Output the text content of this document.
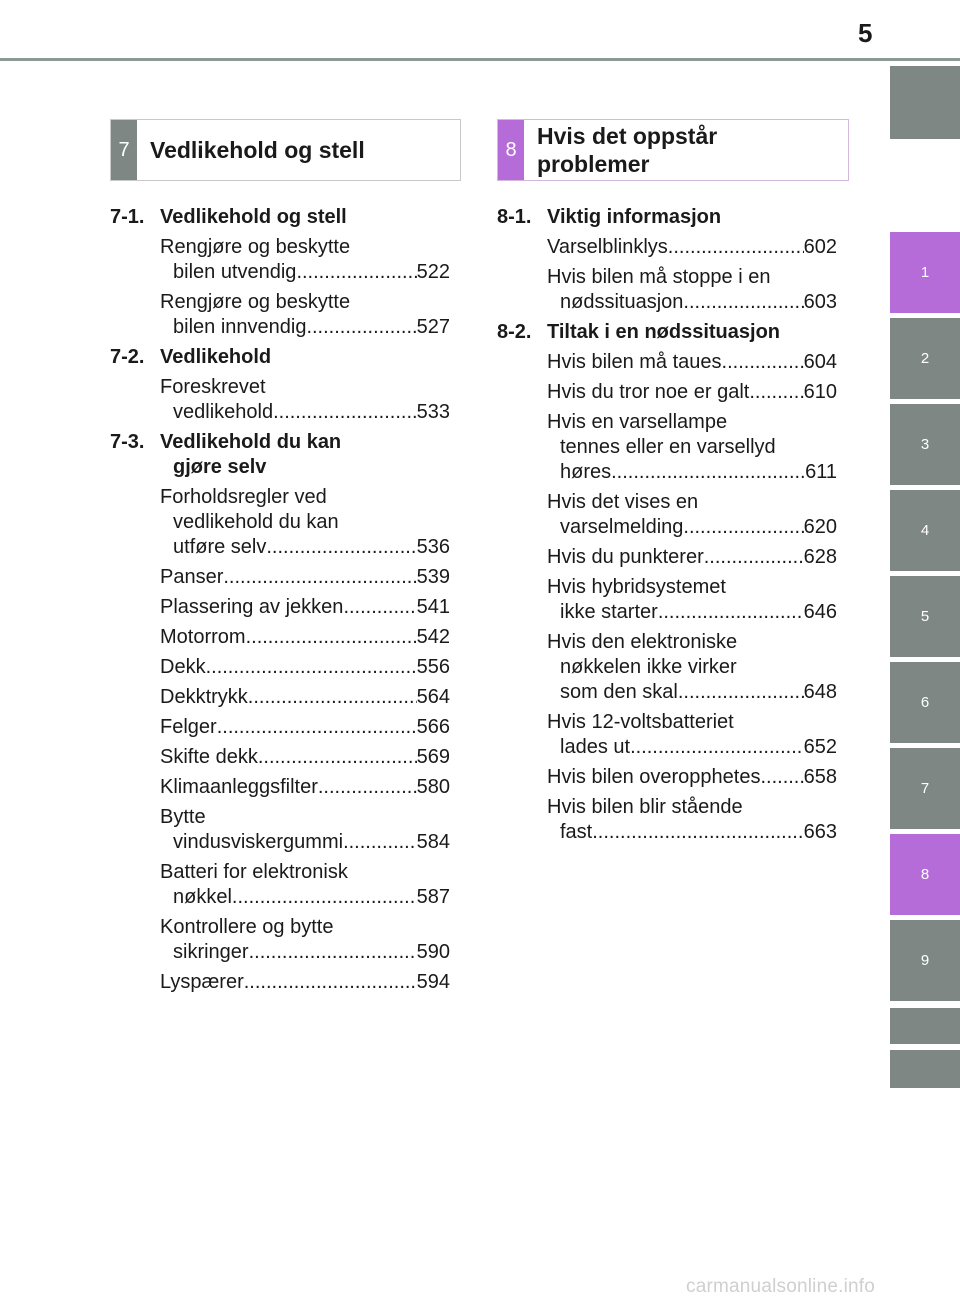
5
1
2
3
4
5
6
7
8
9
7 Vedlikehold og stell	8
Hvis det oppstår
problemer
7-1. Vedlikehold og stell
Rengjøre og beskytte
bilen utvendig .....	522
Rengjøre og beskytte
bilen innvendig .....	527
7-2. Vedlikehold
Foreskrevet
vedlikehold .....	533
7-3. Vedlikehold du kan
gjøre selv
Forholdsregler ved
vedlikehold du kan
utføre selv .....	536
Panser .....	539
Plassering av jekken .....	541
Motorrom .....	542
Dekk .....	556
Dekktrykk .....	564
Felger .....	566
Skifte dekk .....	569
Klimaanleggsfilter .....	580
Bytte
vindusviskergummi .....	584
Batteri for elektronisk
nøkkel .....	587
Kontrollere og bytte
sikringer .....	590
Lyspærer .....	594
8-1. Viktig informasjon
Varselblinklys .....	602
Hvis bilen må stoppe i en
nødssituasjon .....	603
8-2. Tiltak i en nødssituasjon
Hvis bilen må taues .....	604
Hvis du tror noe er galt .....	610
Hvis en varsellampe
tennes eller en varsellyd
høres .....	611
Hvis det vises en
varselmelding .....	620
Hvis du punkterer .....	628
Hvis hybridsystemet
ikke starter .....	646
Hvis den elektroniske
nøkkelen ikke virker
som den skal .....	648
Hvis 12-voltsbatteriet
lades ut .....	652
Hvis bilen overopphetes ..... 658
Hvis bilen blir stående
fast .....	663
carmanualsonline.info
